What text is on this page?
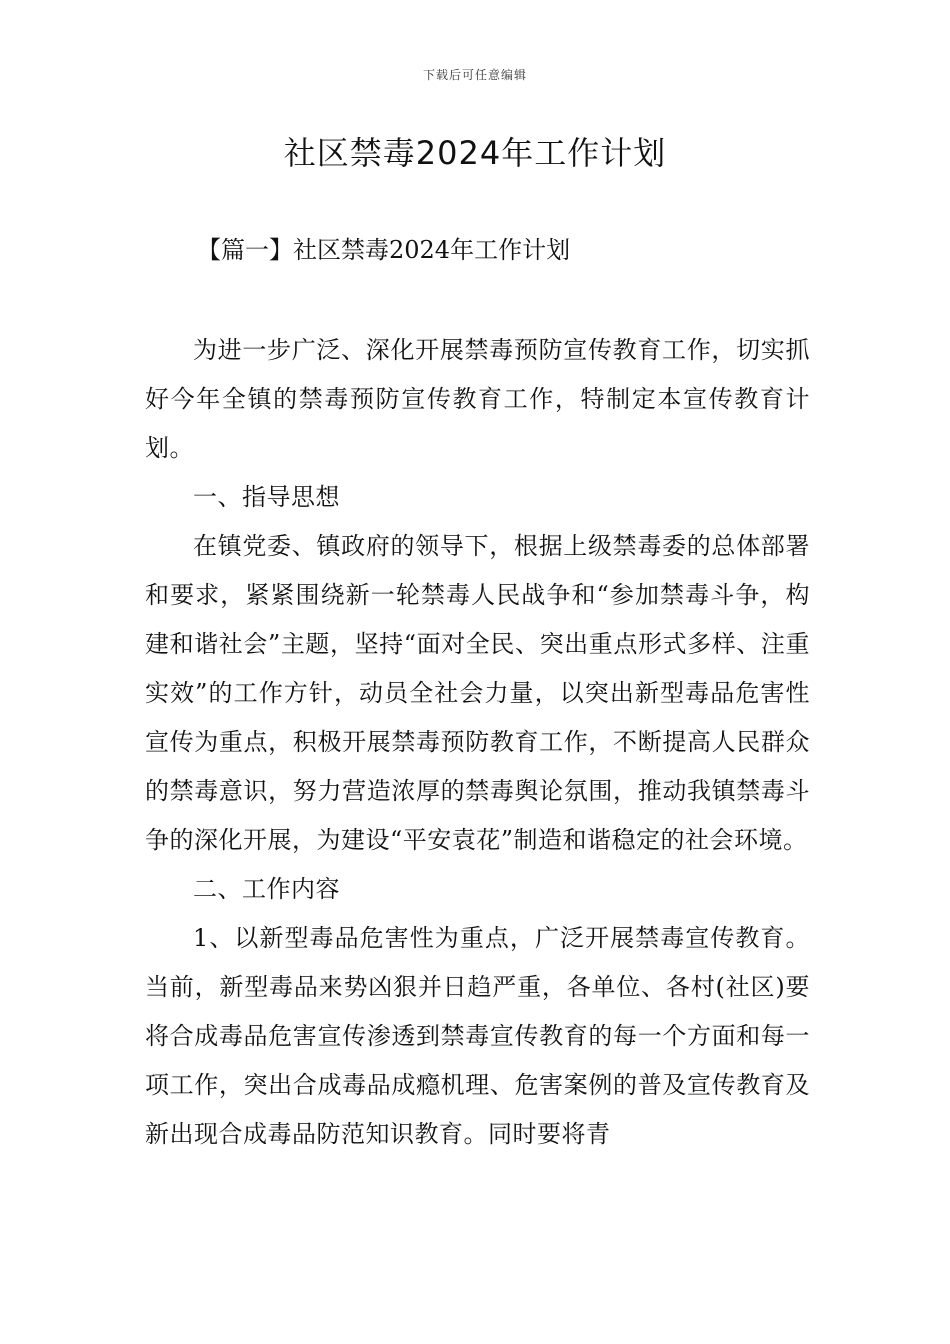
下载后可任意编辑
社区禁毒2024年工作计划
【篇一】社区禁毒2024年工作计划

为进一步广泛、深化开展禁毒预防宣传教育工作，切实抓好今年全镇的禁毒预防宣传教育工作，特制定本宣传教育计划。

一、指导思想

在镇党委、镇政府的领导下，根据上级禁毒委的总体部署和要求，紧紧围绕新一轮禁毒人民战争和“参加禁毒斗争，构建和谐社会”主题，坚持“面对全民、突出重点形式多样、注重实效”的工作方针，动员全社会力量，以突出新型毒品危害性宣传为重点，积极开展禁毒预防教育工作，不断提高人民群众的禁毒意识，努力营造浓厚的禁毒舆论氛围，推动我镇禁毒斗争的深化开展，为建设“平安袁花”制造和谐稳定的社会环境。

二、工作内容

1、以新型毒品危害性为重点，广泛开展禁毒宣传教育。当前，新型毒品来势凶狠并日趋严重，各单位、各村(社区)要将合成毒品危害宣传渗透到禁毒宣传教育的每一个方面和每一项工作，突出合成毒品成瘾机理、危害案例的普及宣传教育及新出现合成毒品防范知识教育。同时要将青
